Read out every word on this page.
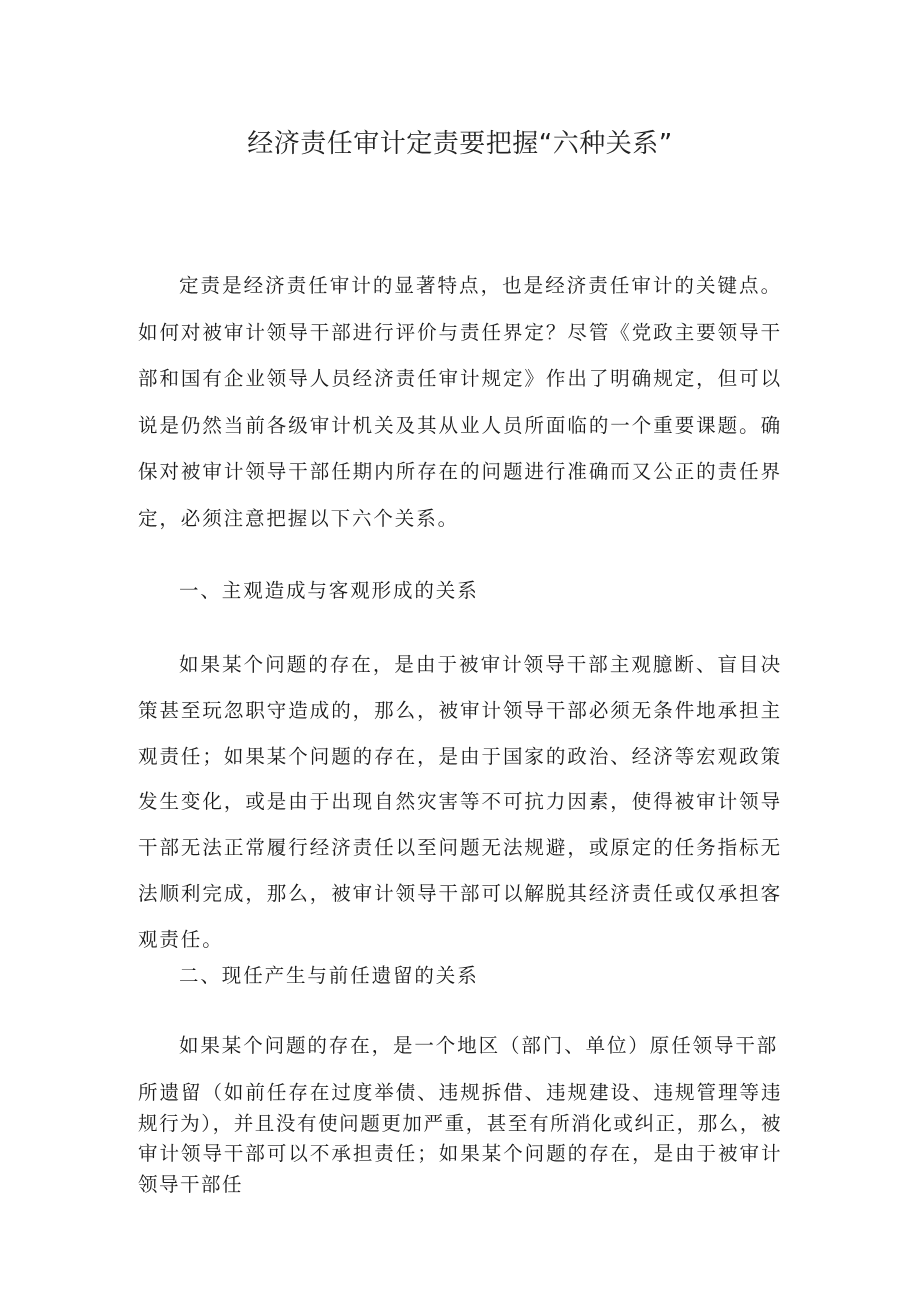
经济责任审计定责要把握“六种关系”

定责是经济责任审计的显著特点，也是经济责任审计的关键点。如何对被审计领导干部进行评价与责任界定？尽管《党政主要领导干部和国有企业领导人员经济责任审计规定》作出了明确规定，但可以说是仍然当前各级审计机关及其从业人员所面临的一个重要课题。确保对被审计领导干部任期内所存在的问题进行准确而又公正的责任界定，必须注意把握以下六个关系。

一、主观造成与客观形成的关系

如果某个问题的存在，是由于被审计领导干部主观臆断、盲目决策甚至玩忽职守造成的，那么，被审计领导干部必须无条件地承担主观责任；如果某个问题的存在，是由于国家的政治、经济等宏观政策发生变化，或是由于出现自然灾害等不可抗力因素，使得被审计领导干部无法正常履行经济责任以至问题无法规避，或原定的任务指标无法顺利完成，那么，被审计领导干部可以解脱其经济责任或仅承担客观责任。

二、现任产生与前任遗留的关系

如果某个问题的存在，是一个地区（部门、单位）原任领导干部

所遗留（如前任存在过度举债、违规拆借、违规建设、违规管理等违规行为），并且没有使问题更加严重，甚至有所消化或纠正，那么，被审计领导干部可以不承担责任；如果某个问题的存在，是由于被审计领导干部任
